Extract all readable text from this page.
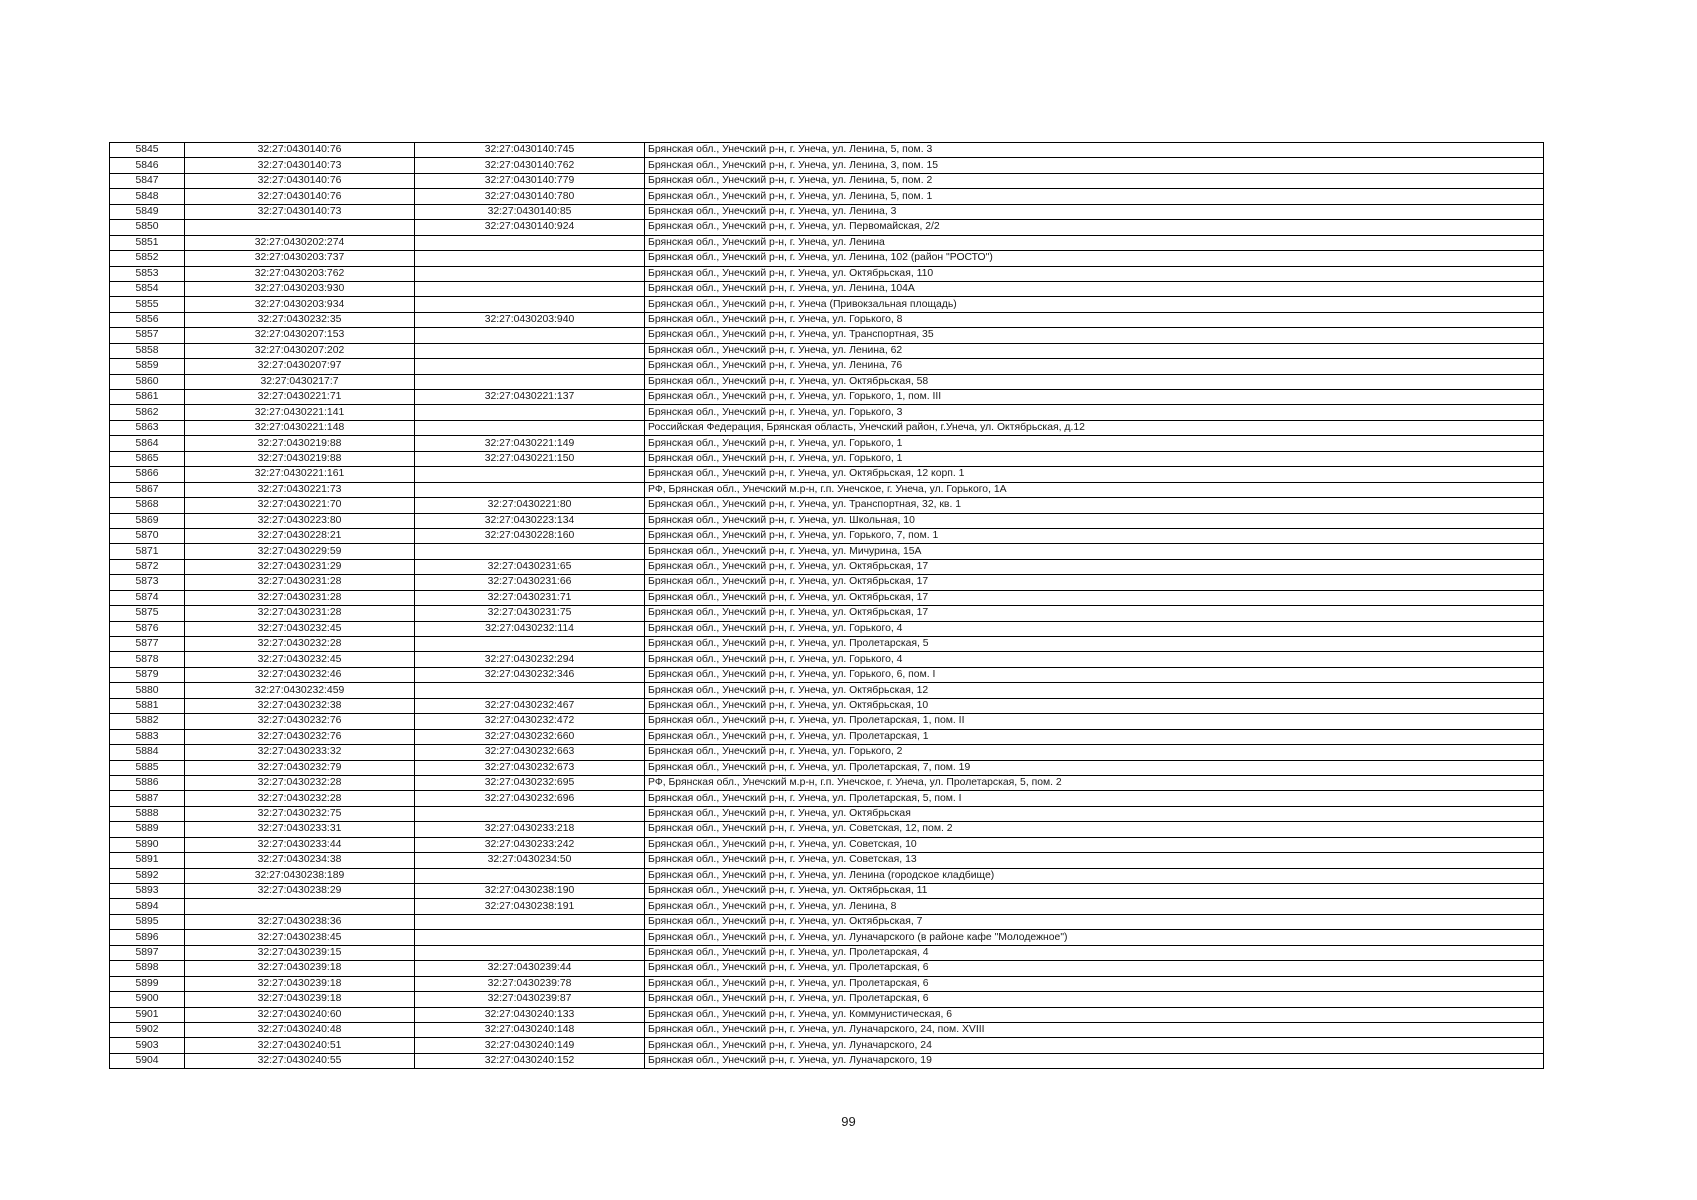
5845	32:27:0430140:76	32:27:0430140:745	Брянская обл., Унечский р-н, г. Унеча, ул. Ленина, 5, пом. 3
5846	32:27:0430140:73	32:27:0430140:762	Брянская обл., Унечский р-н, г. Унеча, ул. Ленина, 3, пом. 15
5847	32:27:0430140:76	32:27:0430140:779	Брянская обл., Унечский р-н, г. Унеча, ул. Ленина, 5, пом. 2
5848	32:27:0430140:76	32:27:0430140:780	Брянская обл., Унечский р-н, г. Унеча, ул. Ленина, 5, пом. 1
5849	32:27:0430140:73	32:27:0430140:85	Брянская обл., Унечский р-н, г. Унеча, ул. Ленина, 3
5850		32:27:0430140:924	Брянская обл., Унечский р-н, г. Унеча, ул. Первомайская, 2/2
5851	32:27:0430202:274		Брянская обл., Унечский р-н, г. Унеча, ул. Ленина
5852	32:27:0430203:737		Брянская обл., Унечский р-н, г. Унеча, ул. Ленина, 102 (район "РОСТО")
5853	32:27:0430203:762		Брянская обл., Унечский р-н, г. Унеча, ул. Октябрьская, 110
5854	32:27:0430203:930		Брянская обл., Унечский р-н, г. Унеча, ул. Ленина, 104А
5855	32:27:0430203:934		Брянская обл., Унечский р-н, г. Унеча (Привокзальная площадь)
5856	32:27:0430232:35	32:27:0430203:940	Брянская обл., Унечский р-н, г. Унеча, ул. Горького, 8
5857	32:27:0430207:153		Брянская обл., Унечский р-н, г. Унеча, ул. Транспортная, 35
5858	32:27:0430207:202		Брянская обл., Унечский р-н, г. Унеча, ул. Ленина, 62
5859	32:27:0430207:97		Брянская обл., Унечский р-н, г. Унеча, ул. Ленина, 76
5860	32:27:0430217:7		Брянская обл., Унечский р-н, г. Унеча, ул. Октябрьская, 58
5861	32:27:0430221:71	32:27:0430221:137	Брянская обл., Унечский р-н, г. Унеча, ул. Горького, 1, пом. III
5862	32:27:0430221:141		Брянская обл., Унечский р-н, г. Унеча, ул. Горького, 3
5863	32:27:0430221:148		Российская Федерация, Брянская область, Унечский район, г.Унеча, ул. Октябрьская, д.12
5864	32:27:0430219:88	32:27:0430221:149	Брянская обл., Унечский р-н, г. Унеча, ул. Горького, 1
5865	32:27:0430219:88	32:27:0430221:150	Брянская обл., Унечский р-н, г. Унеча, ул. Горького, 1
5866	32:27:0430221:161		Брянская обл., Унечский р-н, г. Унеча, ул. Октябрьская, 12 корп. 1
5867	32:27:0430221:73		РФ, Брянская обл., Унечский м.р-н, г.п. Унечское, г. Унеча, ул. Горького, 1А
5868	32:27:0430221:70	32:27:0430221:80	Брянская обл., Унечский р-н, г. Унеча, ул. Транспортная, 32, кв. 1
5869	32:27:0430223:80	32:27:0430223:134	Брянская обл., Унечский р-н, г. Унеча, ул. Школьная, 10
5870	32:27:0430228:21	32:27:0430228:160	Брянская обл., Унечский р-н, г. Унеча, ул. Горького, 7, пом. 1
5871	32:27:0430229:59		Брянская обл., Унечский р-н, г. Унеча, ул. Мичурина, 15А
5872	32:27:0430231:29	32:27:0430231:65	Брянская обл., Унечский р-н, г. Унеча, ул. Октябрьская, 17
5873	32:27:0430231:28	32:27:0430231:66	Брянская обл., Унечский р-н, г. Унеча, ул. Октябрьская, 17
5874	32:27:0430231:28	32:27:0430231:71	Брянская обл., Унечский р-н, г. Унеча, ул. Октябрьская, 17
5875	32:27:0430231:28	32:27:0430231:75	Брянская обл., Унечский р-н, г. Унеча, ул. Октябрьская, 17
5876	32:27:0430232:45	32:27:0430232:114	Брянская обл., Унечский р-н, г. Унеча, ул. Горького, 4
5877	32:27:0430232:28		Брянская обл., Унечский р-н, г. Унеча, ул. Пролетарская, 5
5878	32:27:0430232:45	32:27:0430232:294	Брянская обл., Унечский р-н, г. Унеча, ул. Горького, 4
5879	32:27:0430232:46	32:27:0430232:346	Брянская обл., Унечский р-н, г. Унеча, ул. Горького, 6, пом. I
5880	32:27:0430232:459		Брянская обл., Унечский р-н, г. Унеча, ул. Октябрьская, 12
5881	32:27:0430232:38	32:27:0430232:467	Брянская обл., Унечский р-н, г. Унеча, ул. Октябрьская, 10
5882	32:27:0430232:76	32:27:0430232:472	Брянская обл., Унечский р-н, г. Унеча, ул. Пролетарская, 1, пом. II
5883	32:27:0430232:76	32:27:0430232:660	Брянская обл., Унечский р-н, г. Унеча, ул. Пролетарская, 1
5884	32:27:0430233:32	32:27:0430232:663	Брянская обл., Унечский р-н, г. Унеча, ул. Горького, 2
5885	32:27:0430232:79	32:27:0430232:673	Брянская обл., Унечский р-н, г. Унеча, ул. Пролетарская, 7, пом. 19
5886	32:27:0430232:28	32:27:0430232:695	РФ, Брянская обл., Унечский м.р-н, г.п. Унечское, г. Унеча, ул. Пролетарская, 5, пом. 2
5887	32:27:0430232:28	32:27:0430232:696	Брянская обл., Унечский р-н, г. Унеча, ул. Пролетарская, 5, пом. I
5888	32:27:0430232:75		Брянская обл., Унечский р-н, г. Унеча, ул. Октябрьская
5889	32:27:0430233:31	32:27:0430233:218	Брянская обл., Унечский р-н, г. Унеча, ул. Советская, 12, пом. 2
5890	32:27:0430233:44	32:27:0430233:242	Брянская обл., Унечский р-н, г. Унеча, ул. Советская, 10
5891	32:27:0430234:38	32:27:0430234:50	Брянская обл., Унечский р-н, г. Унеча, ул. Советская, 13
5892	32:27:0430238:189		Брянская обл., Унечский р-н, г. Унеча, ул. Ленина (городское кладбище)
5893	32:27:0430238:29	32:27:0430238:190	Брянская обл., Унечский р-н, г. Унеча, ул. Октябрьская, 11
5894		32:27:0430238:191	Брянская обл., Унечский р-н, г. Унеча, ул. Ленина, 8
5895	32:27:0430238:36		Брянская обл., Унечский р-н, г. Унеча, ул. Октябрьская, 7
5896	32:27:0430238:45		Брянская обл., Унечский р-н, г. Унеча, ул. Луначарского (в районе кафе "Молодежное")
5897	32:27:0430239:15		Брянская обл., Унечский р-н, г. Унеча, ул. Пролетарская, 4
5898	32:27:0430239:18	32:27:0430239:44	Брянская обл., Унечский р-н, г. Унеча, ул. Пролетарская, 6
5899	32:27:0430239:18	32:27:0430239:78	Брянская обл., Унечский р-н, г. Унеча, ул. Пролетарская, 6
5900	32:27:0430239:18	32:27:0430239:87	Брянская обл., Унечский р-н, г. Унеча, ул. Пролетарская, 6
5901	32:27:0430240:60	32:27:0430240:133	Брянская обл., Унечский р-н, г. Унеча, ул. Коммунистическая, 6
5902	32:27:0430240:48	32:27:0430240:148	Брянская обл., Унечский р-н, г. Унеча, ул. Луначарского, 24, пом. XVIII
5903	32:27:0430240:51	32:27:0430240:149	Брянская обл., Унечский р-н, г. Унеча, ул. Луначарского, 24
5904	32:27:0430240:55	32:27:0430240:152	Брянская обл., Унечский р-н, г. Унеча, ул. Луначарского, 19
99
